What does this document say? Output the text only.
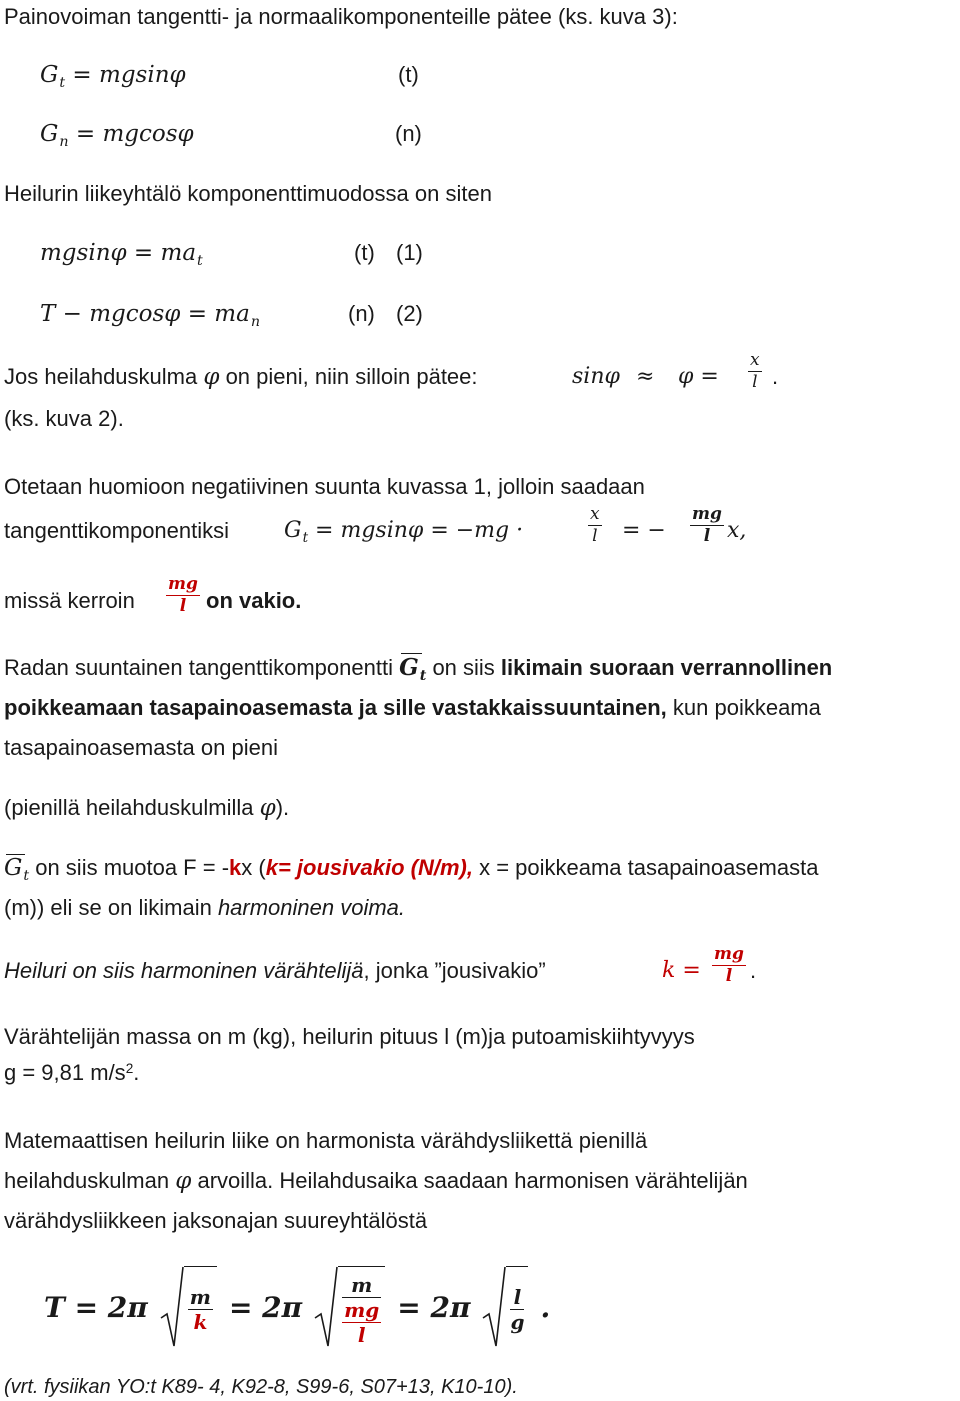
Painovoiman tangentti- ja normaalikomponenteille pätee (ks. kuva 3):
$G_t = mgsin\varphi$	(t)
$G_n = mgcos\varphi$	(n)
Heilurin liikeyhtälö komponenttimuodossa on siten
$mgsin\varphi = ma_t$	(t) (1)
$T - mgcos\varphi = ma_n$	(n) (2)
Jos heilahduskulma φ on pieni, niin silloin pätee:	$\sin\varphi \approx \varphi = \frac{x}{l}$ .
(ks. kuva 2).
Otetaan huomioon negatiivinen suunta kuvassa 1, jolloin saadaan
tangenttikomponentiksi $G_t = mgsin\varphi = -mg$ ·	$\frac{x}{l}$ = − $\frac{mg}{l} x$,
missä kerroin $\frac{mg}{l}$ on vakio.
Radan suuntainen tangenttikomponentti $G_t$ on siis likimain suoraan verrannollinen
poikkeamaan tasapainoasemasta ja sille vastakkaissuuntainen, kun poikkeama
tasapainoasemasta on pieni
(pienillä heilahduskulmilla φ).
$G_t$ on siis muotoa F = -kx (k= jousivakio (N/m), x = poikkeama tasapainoasemasta
(m)) eli se on likimain harmoninen voima.
Heiluri on siis harmoninen värähtelijä, jonka ”jousivakio”	$k = \frac{mg}{l}$ .
Värähtelijän massa on m (kg), heilurin pituus l (m)ja putoamiskiihtyvyys
g = 9,81 $m/s^2$.
Matemaattisen heilurin liike on harmonista värähdysliikettä pienillä
heilahduskulman φ arvoilla. Heilahdusaika saadaan harmonisen värähtelijän
värähdysliikkeen jaksonajan suureyhtälöstä
$T = 2\pi \frac{m}{k} = 2\pi \frac{m}{\frac{mg}{l}} = 2\pi \frac{l}{g}$ .
(vrt. fysiikan YO:t K89- 4, K92-8, S99-6, S07+13, K10-10).
